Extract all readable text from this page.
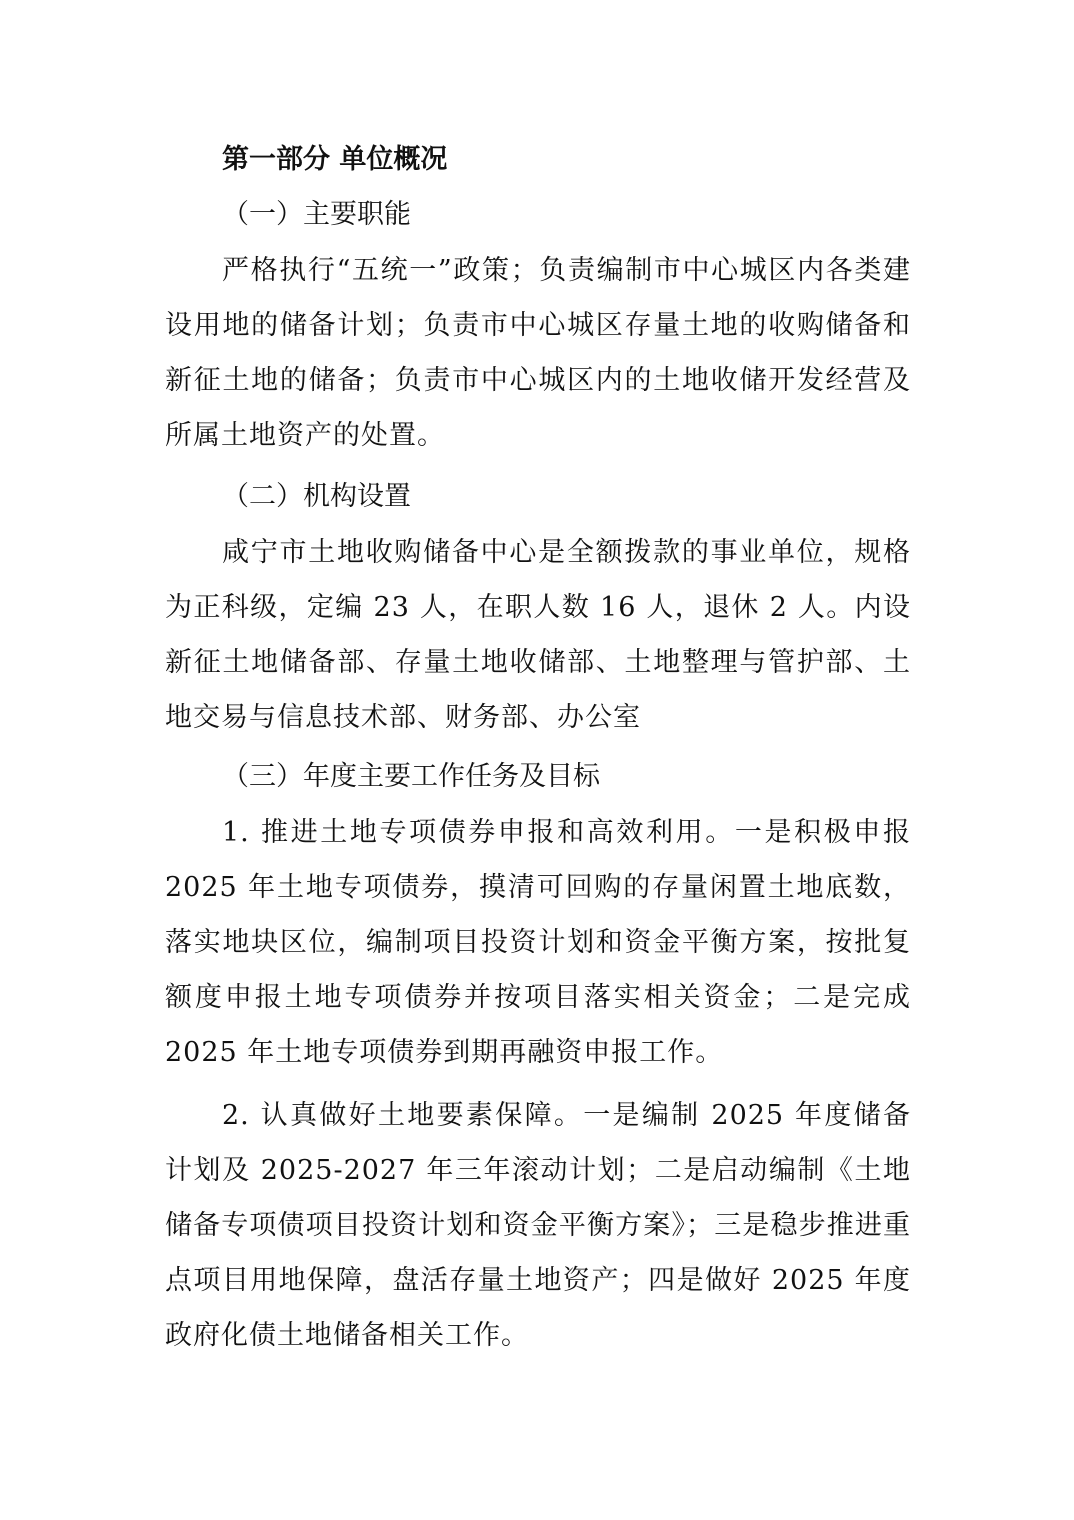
第一部分 单位概况
（一）主要职能
严格执行“五统一”政策；负责编制市中心城区内各类建设用地的储备计划；负责市中心城区存量土地的收购储备和新征土地的储备；负责市中心城区内的土地收储开发经营及所属土地资产的处置。
（二）机构设置
咸宁市土地收购储备中心是全额拨款的事业单位，规格为正科级，定编 23 人，在职人数 16 人，退休 2 人。内设新征土地储备部、存量土地收储部、土地整理与管护部、土地交易与信息技术部、财务部、办公室
（三）年度主要工作任务及目标
1. 推进土地专项债券申报和高效利用。一是积极申报 2025 年土地专项债券，摸清可回购的存量闲置土地底数，落实地块区位，编制项目投资计划和资金平衡方案，按批复额度申报土地专项债券并按项目落实相关资金；二是完成 2025 年土地专项债券到期再融资申报工作。
2. 认真做好土地要素保障。一是编制 2025 年度储备计划及 2025-2027 年三年滚动计划；二是启动编制《土地储备专项债项目投资计划和资金平衡方案》；三是稳步推进重点项目用地保障，盘活存量土地资产；四是做好 2025 年度政府化债土地储备相关工作。
